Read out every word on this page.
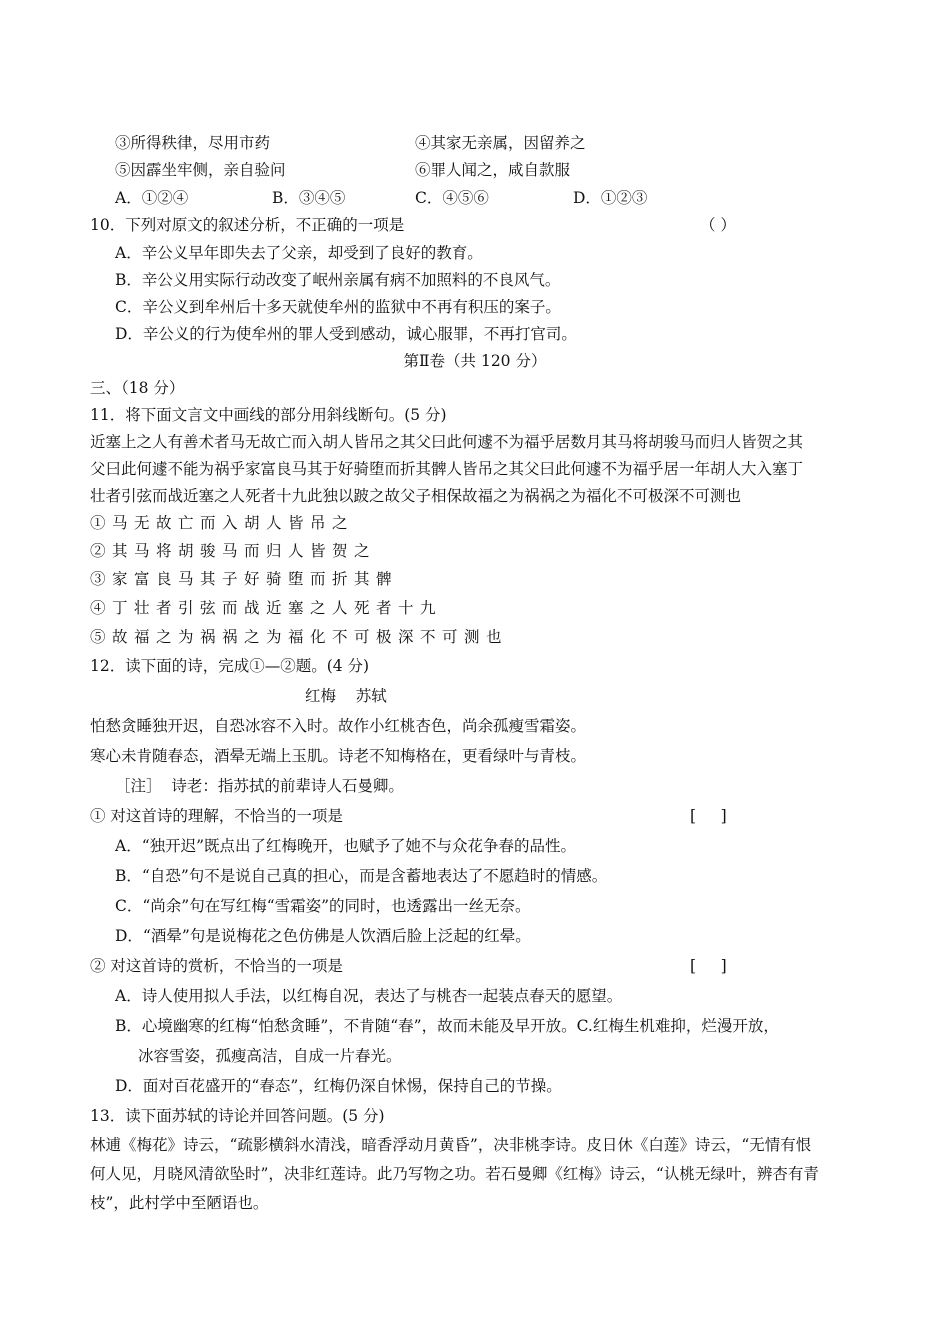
③所得秩律，尽用市药	④其家无亲属，因留养之
⑤因霹坐牢侧，亲自验问	⑥罪人闻之，咸自款服
A．①②④	B．③④⑤	C．④⑤⑥	D．①②③
10．下列对原文的叙述分析，不正确的一项是	（ ）
A．辛公义早年即失去了父亲，却受到了良好的教育。
B．辛公义用实际行动改变了岷州亲属有病不加照料的不良风气。
C．辛公义到牟州后十多天就使牟州的监狱中不再有积压的案子。
D．辛公义的行为使牟州的罪人受到感动，诚心服罪，不再打官司。
第Ⅱ卷（共 120 分）
三、（18 分）
11．将下面文言文中画线的部分用斜线断句。(5 分)
近塞上之人有善术者马无故亡而入胡人皆吊之其父曰此何遽不为福乎居数月其马将胡骏马而归人皆贺之其
父曰此何遽不能为祸乎家富良马其于好骑堕而折其髀人皆吊之其父曰此何遽不为福乎居一年胡人大入塞丁
壮者引弦而战近塞之人死者十九此独以跛之故父子相保故福之为祸祸之为福化不可极深不可测也
①马无故亡而入胡人皆吊之
②其马将胡骏马而归人皆贺之
③家富良马其子好骑堕而折其髀
④丁壮者引弦而战近塞之人死者十九
⑤故福之为祸祸之为福化不可极深不可测也
12．读下面的诗，完成①—②题。(4 分)
红梅    苏轼
怕愁贪睡独开迟，自恐冰容不入时。故作小红桃杏色，尚余孤瘦雪霜姿。
寒心未肯随春态，酒晕无端上玉肌。诗老不知梅格在，更看绿叶与青枝。
［注］  诗老：指苏拭的前辈诗人石曼卿。
① 对这首诗的理解，不恰当的一项是	[     ]
A．“独开迟”既点出了红梅晚开，也赋予了她不与众花争春的品性。
B．“自恐”句不是说自己真的担心，而是含蓄地表达了不愿趋时的情感。
C．“尚余”句在写红梅“雪霜姿”的同时，也透露出一丝无奈。
D．“酒晕”句是说梅花之色仿佛是人饮酒后脸上泛起的红晕。
② 对这首诗的赏析，不恰当的一项是	[     ]
A．诗人使用拟人手法，以红梅自况，表达了与桃杏一起装点春天的愿望。
B．心境幽寒的红梅“怕愁贪睡”，不肯随“春”，故而未能及早开放。C.红梅生机难抑，烂漫开放，
冰容雪姿，孤瘦高洁，自成一片春光。
D．面对百花盛开的“春态”，红梅仍深自怵惕，保持自己的节操。
13．读下面苏轼的诗论并回答问题。(5 分)
林逋《梅花》诗云，“疏影横斜水清浅，暗香浮动月黄昏”，决非桃李诗。皮日休《白莲》诗云，“无情有恨
何人见，月晓风清欲坠时”，决非红莲诗。此乃写物之功。若石曼卿《红梅》诗云，“认桃无绿叶，辨杏有青
枝”，此村学中至陋语也。
